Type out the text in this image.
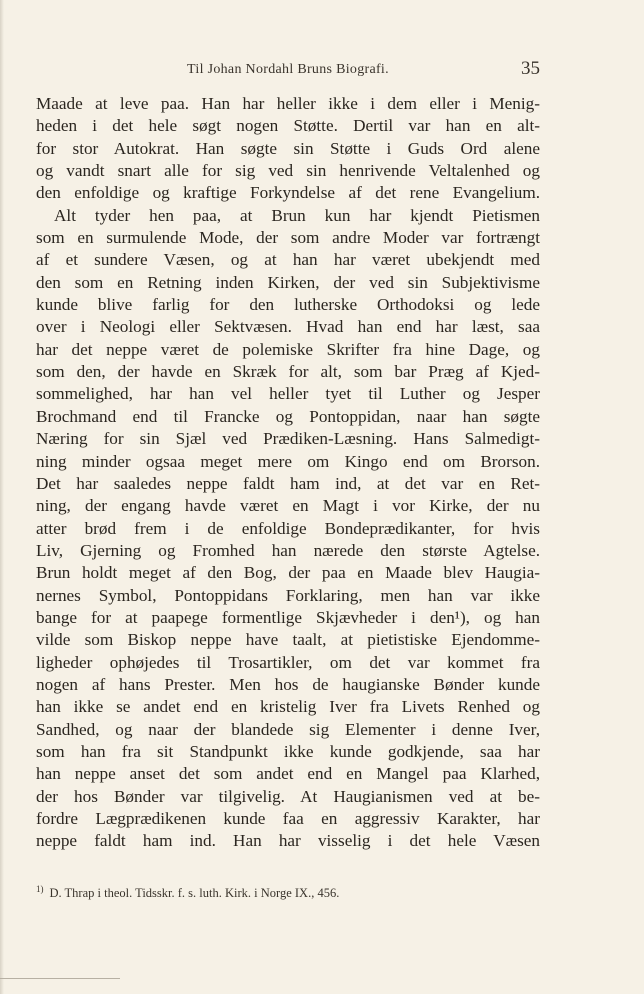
Til Johan Nordahl Bruns Biografi.	35
Maade at leve paa. Han har heller ikke i dem eller i Menig-
heden i det hele søgt nogen Støtte. Dertil var han en alt-
for stor Autokrat. Han søgte sin Støtte i Guds Ord alene
og vandt snart alle for sig ved sin henrivende Veltalenhed og
den enfoldige og kraftige Forkyndelse af det rene Evangelium.
Alt tyder hen paa, at Brun kun har kjendt Pietismen
som en surmulende Mode, der som andre Moder var fortrængt
af et sundere Væsen, og at han har været ubekjendt med
den som en Retning inden Kirken, der ved sin Subjektivisme
kunde blive farlig for den lutherske Orthodoksi og lede
over i Neologi eller Sektvæsen. Hvad han end har læst, saa
har det neppe været de polemiske Skrifter fra hine Dage, og
som den, der havde en Skræk for alt, som bar Præg af Kjed-
sommelighed, har han vel heller tyet til Luther og Jesper
Brochmand end til Francke og Pontoppidan, naar han søgte
Næring for sin Sjæl ved Prædiken-Læsning. Hans Salmedigt-
ning minder ogsaa meget mere om Kingo end om Brorson.
Det har saaledes neppe faldt ham ind, at det var en Ret-
ning, der engang havde været en Magt i vor Kirke, der nu
atter brød frem i de enfoldige Bondeprædikanter, for hvis
Liv, Gjerning og Fromhed han nærede den største Agtelse.
Brun holdt meget af den Bog, der paa en Maade blev Haugia-
nernes Symbol, Pontoppidans Forklaring, men han var ikke
bange for at paapege formentlige Skjævheder i den¹), og han
vilde som Biskop neppe have taalt, at pietistiske Ejendomme-
ligheder ophøjedes til Trosartikler, om det var kommet fra
nogen af hans Prester. Men hos de haugianske Bønder kunde
han ikke se andet end en kristelig Iver fra Livets Renhed og
Sandhed, og naar der blandede sig Elementer i denne Iver,
som han fra sit Standpunkt ikke kunde godkjende, saa har
han neppe anset det som andet end en Mangel paa Klarhed,
der hos Bønder var tilgivelig. At Haugianismen ved at be-
fordre Lægprædikenen kunde faa en aggressiv Karakter, har
neppe faldt ham ind. Han har visselig i det hele Væsen
$^{1)}$ D. Thrap i theol. Tidsskr. f. s. luth. Kirk. i Norge IX., 456.
